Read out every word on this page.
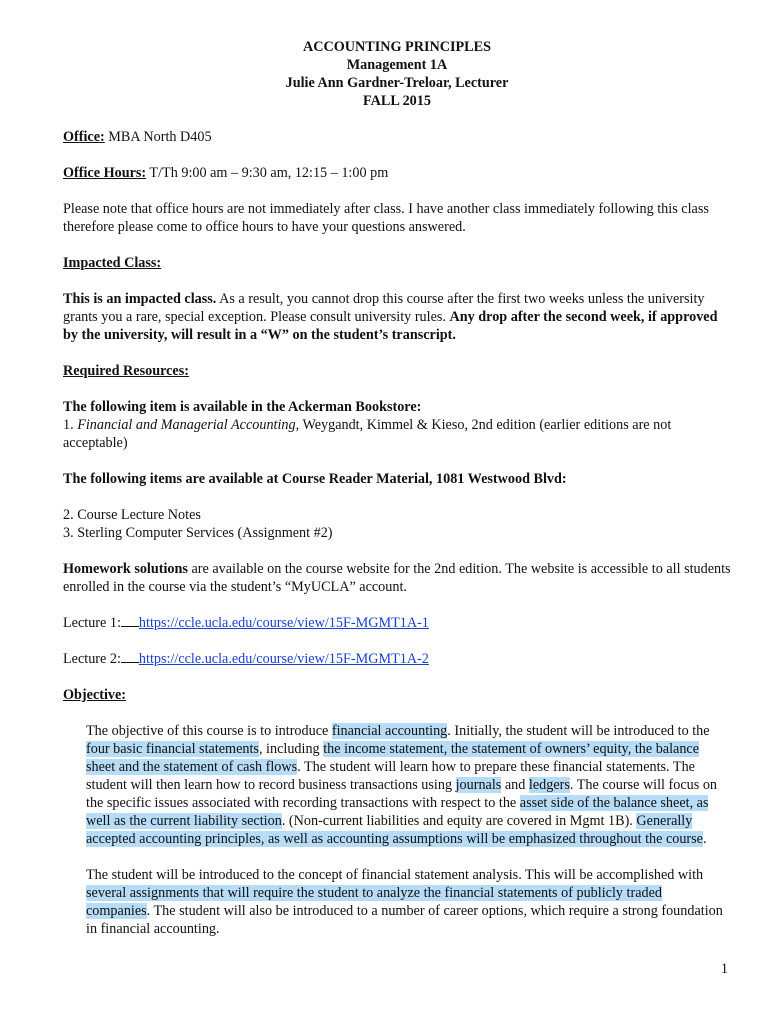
ACCOUNTING PRINCIPLES
Management 1A
Julie Ann Gardner-Treloar, Lecturer
FALL 2015

Office: MBA North D405

Office Hours: T/Th 9:00 am – 9:30 am, 12:15 – 1:00 pm

Please note that office hours are not immediately after class. I have another class immediately following this class therefore please come to office hours to have your questions answered.

Impacted Class:

This is an impacted class. As a result, you cannot drop this course after the first two weeks unless the university grants you a rare, special exception. Please consult university rules. Any drop after the second week, if approved by the university, will result in a “W” on the student’s transcript.

Required Resources:

The following item is available in the Ackerman Bookstore:
1. Financial and Managerial Accounting, Weygandt, Kimmel & Kieso, 2nd edition (earlier editions are not acceptable)

The following items are available at Course Reader Material, 1081 Westwood Blvd:

2. Course Lecture Notes
3. Sterling Computer Services (Assignment #2)

Homework solutions are available on the course website for the 2nd edition. The website is accessible to all students enrolled in the course via the student’s “MyUCLA” account.

Lecture 1: https://ccle.ucla.edu/course/view/15F-MGMT1A-1

Lecture 2: https://ccle.ucla.edu/course/view/15F-MGMT1A-2

Objective:

The objective of this course is to introduce financial accounting. Initially, the student will be introduced to the four basic financial statements, including the income statement, the statement of owners’ equity, the balance sheet and the statement of cash flows. The student will learn how to prepare these financial statements. The student will then learn how to record business transactions using journals and ledgers. The course will focus on the specific issues associated with recording transactions with respect to the asset side of the balance sheet, as well as the current liability section. (Non-current liabilities and equity are covered in Mgmt 1B). Generally accepted accounting principles, as well as accounting assumptions will be emphasized throughout the course.

The student will be introduced to the concept of financial statement analysis. This will be accomplished with several assignments that will require the student to analyze the financial statements of publicly traded companies. The student will also be introduced to a number of career options, which require a strong foundation in financial accounting.

1
